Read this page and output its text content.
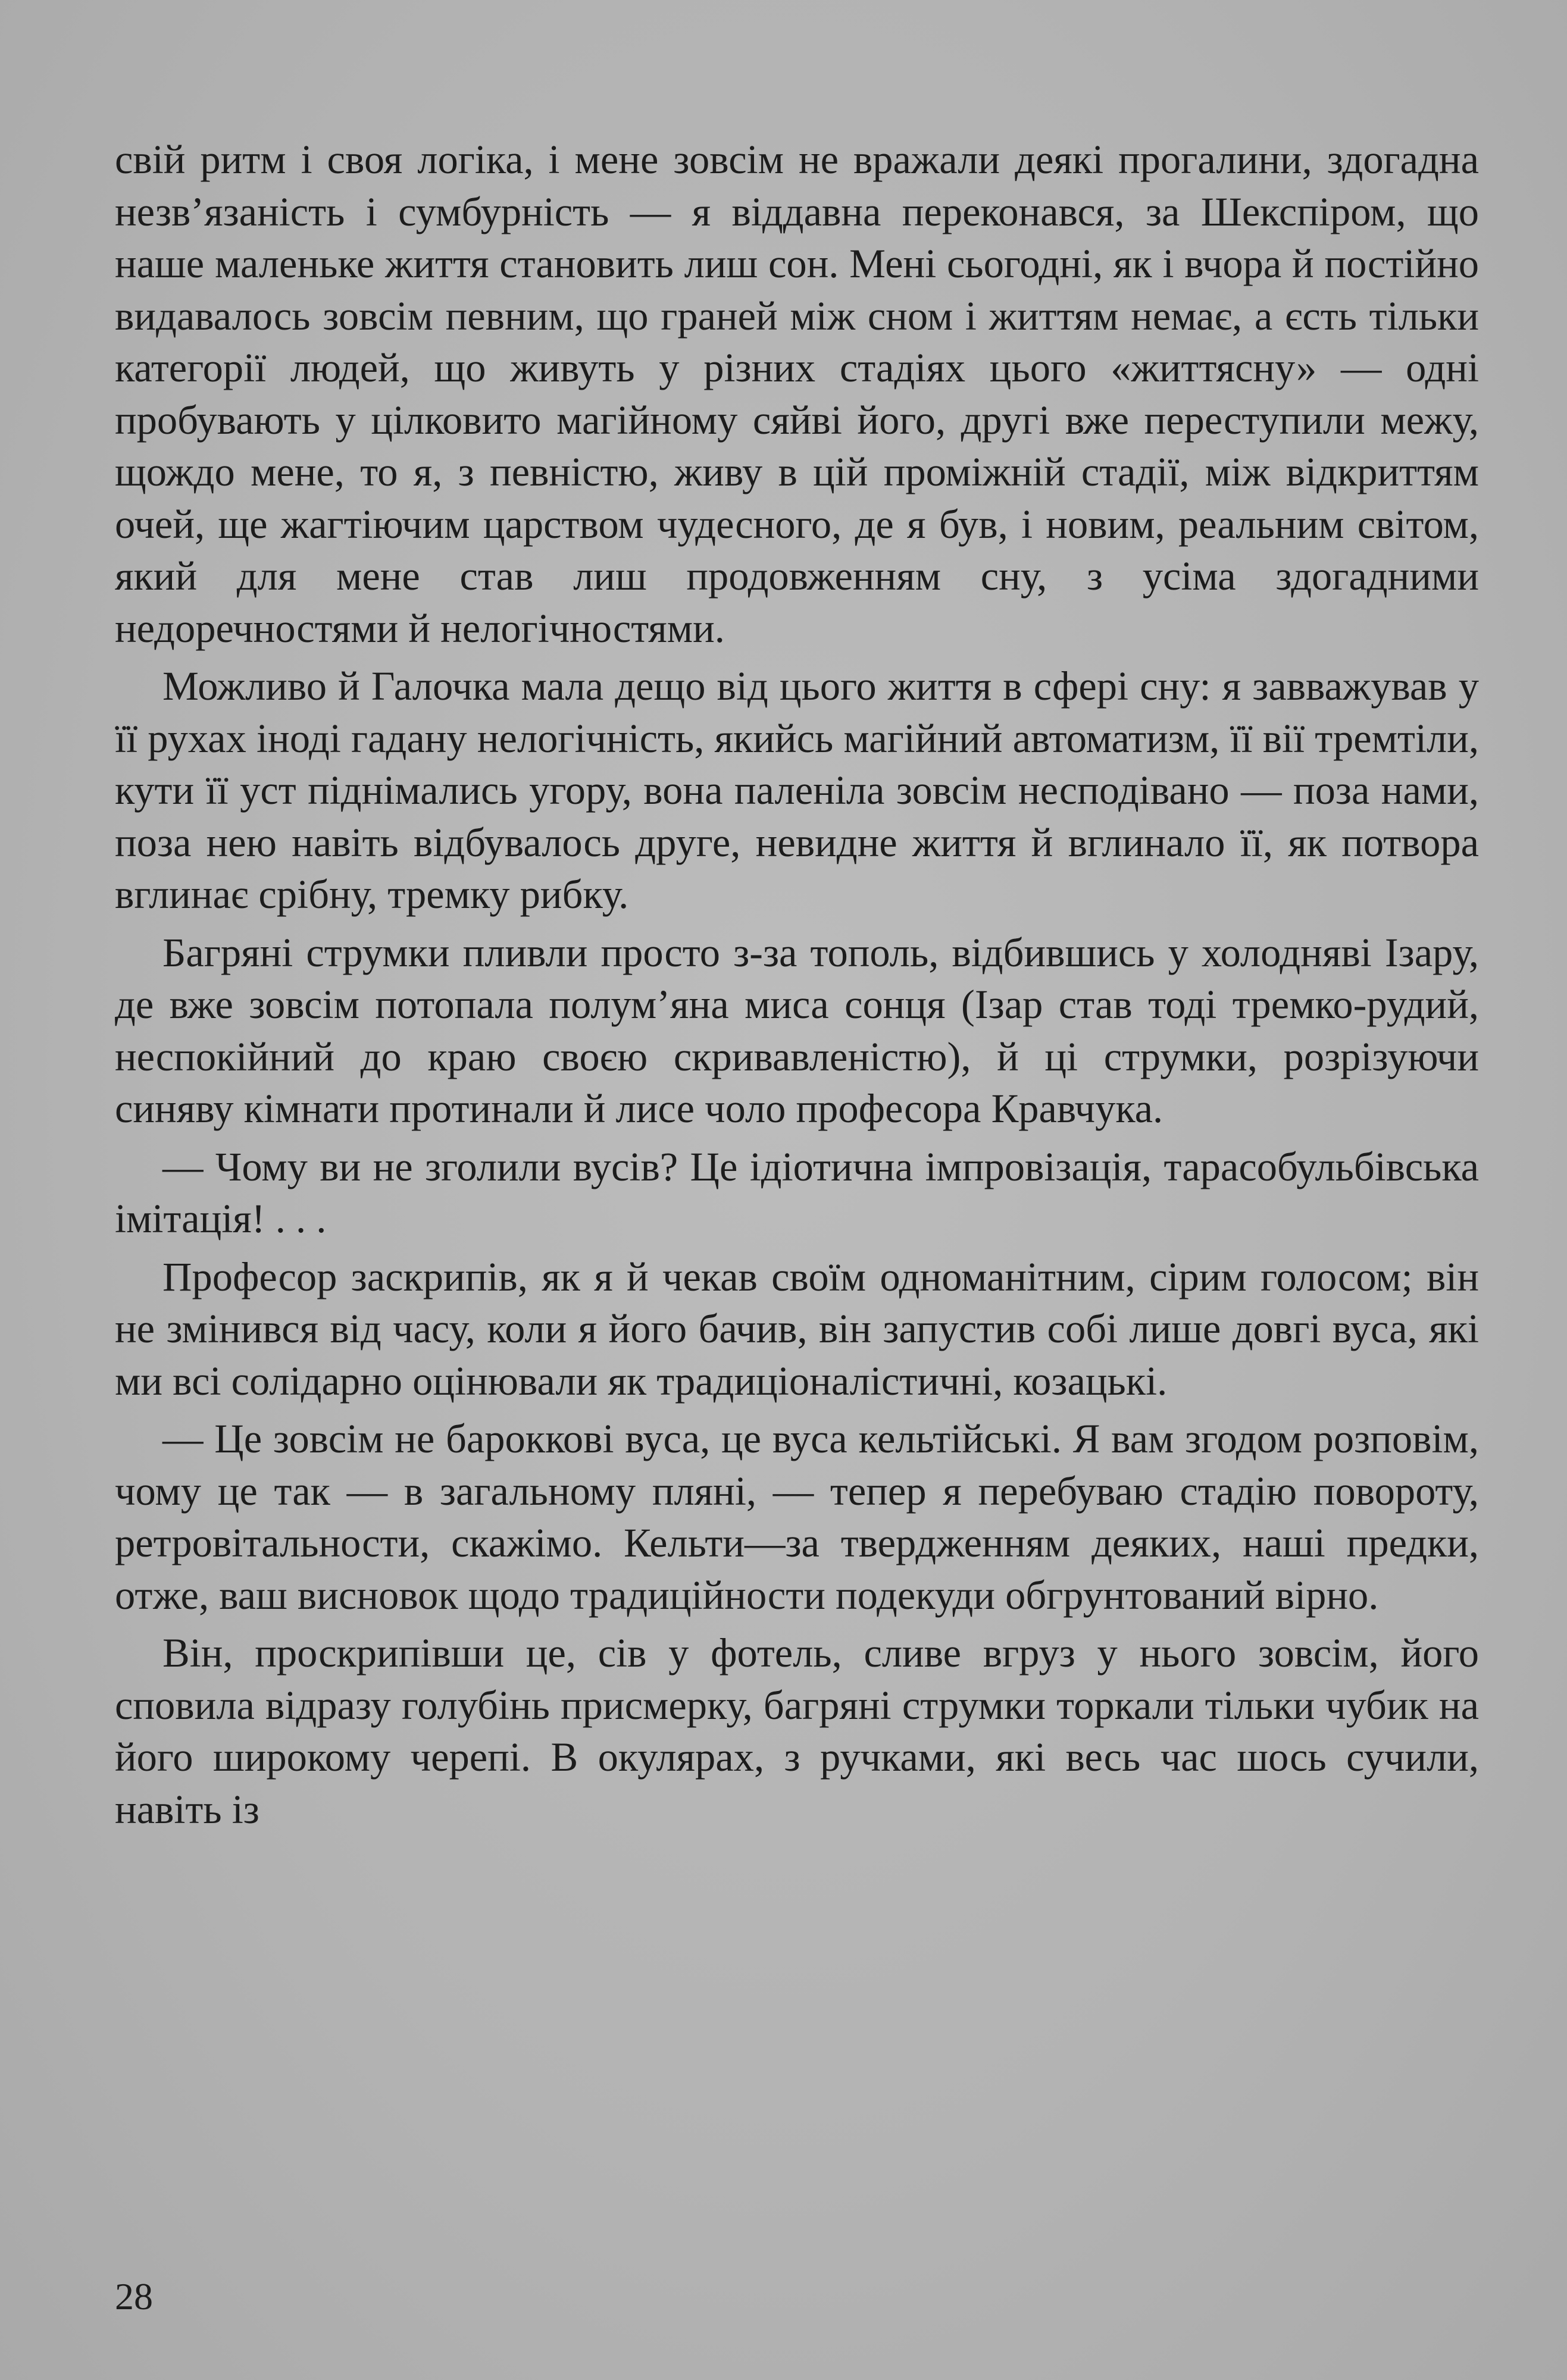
свій ритм і своя логіка, і мене зовсім не вражали деякі прогалини, здогадна незв’язаність і сумбурність — я віддавна переконався, за Шекспіром, що наше маленьке життя становить лиш сон. Мені сьогодні, як і вчора й постійно видавалось зовсім певним, що граней між сном і життям немає, а єсть тільки категорії людей, що живуть у різних стадіях цього «життясну» — одні пробувають у цілковито магійному сяйві його, другі вже переступили межу, щождо мене, то я, з певністю, живу в цій проміжній стадії, між відкриттям очей, ще жагтіючим царством чудесного, де я був, і новим, реальним світом, який для мене став лиш продовженням сну, з усіма здогадними недоречностями й нелогічностями.

Можливо й Галочка мала дещо від цього життя в сфері сну: я завважував у її рухах іноді гадану нелогічність, якийсь магійний автоматизм, її вії тремтіли, кути її уст піднімались угору, вона паленіла зовсім несподівано — поза нами, поза нею навіть відбувалось друге, невидне життя й вглинало її, як потвора вглинає срібну, тремку рибку.

Багряні струмки пливли просто з-за тополь, відбившись у холодняві Ізару, де вже зовсім потопала полум’яна миса сонця (Ізар став тоді тремко-рудий, неспокійний до краю своєю скривавленістю), й ці струмки, розрізуючи синяву кімнати протинали й лисе чоло професора Кравчука.

— Чому ви не зголили вусів? Це ідіотична імпровізація, тарасобульбівська імітація! . . .

Професор заскрипів, як я й чекав своїм одноманітним, сірим голосом; він не змінився від часу, коли я його бачив, він запустив собі лише довгі вуса, які ми всі солідарно оцінювали як традиціоналістичні, козацькі.

— Це зовсім не бароккові вуса, це вуса кельтійські. Я вам згодом розповім, чому це так — в загальному пляні, — тепер я перебуваю стадію повороту, ретровітальности, скажімо. Кельти—за твердженням деяких, наші предки, отже, ваш висновок щодо традиційности подекуди обгрунтований вірно.

Він, проскрипівши це, сів у фотель, сливе вгруз у нього зовсім, його сповила відразу голубінь присмерку, багряні струмки торкали тільки чубик на його широкому черепі. В окулярах, з ручками, які весь час шось сучили, навіть із

28
